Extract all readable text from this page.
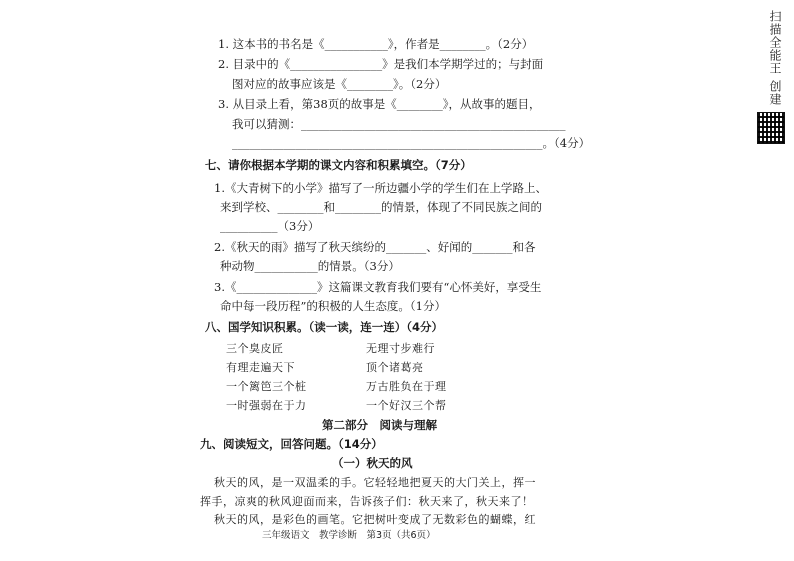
1. 这本书的书名是《___________》，作者是________。（2分）
2. 目录中的《________________》是我们本学期学过的；与封面
图对应的故事应该是《________》。（2分）
3. 从目录上看，第38页的故事是《________》，从故事的题目，
我可以猜测：______________________________________________
______________________________________________________。（4分）
七、请你根据本学期的课文内容和积累填空。（7分）
1.《大青树下的小学》描写了一所边疆小学的学生们在上学路上、
来到学校、________和________的情景，体现了不同民族之间的
__________（3分）
2.《秋天的雨》描写了秋天缤纷的_______、好闻的_______和各
种动物___________的情景。（3分）
3.《______________》这篇课文教育我们要有“心怀美好，享受生
命中每一段历程”的积极的人生态度。（1分）
八、国学知识积累。（读一读，连一连）（4分）
三个臭皮匠
有理走遍天下
一个篱笆三个桩
一时强弱在于力
无理寸步难行
顶个诸葛亮
万古胜负在于理
一个好汉三个帮
第二部分　阅读与理解
九、阅读短文，回答问题。（14分）
（一）秋天的风
秋天的风，是一双温柔的手。它轻轻地把夏天的大门关上，挥一
挥手，凉爽的秋风迎面而来，告诉孩子们：秋天来了，秋天来了！
秋天的风，是彩色的画笔。它把树叶变成了无数彩色的蝴蝶，红
三年级语文　教学诊断　第3页（共6页）
扫描全能王 创建
